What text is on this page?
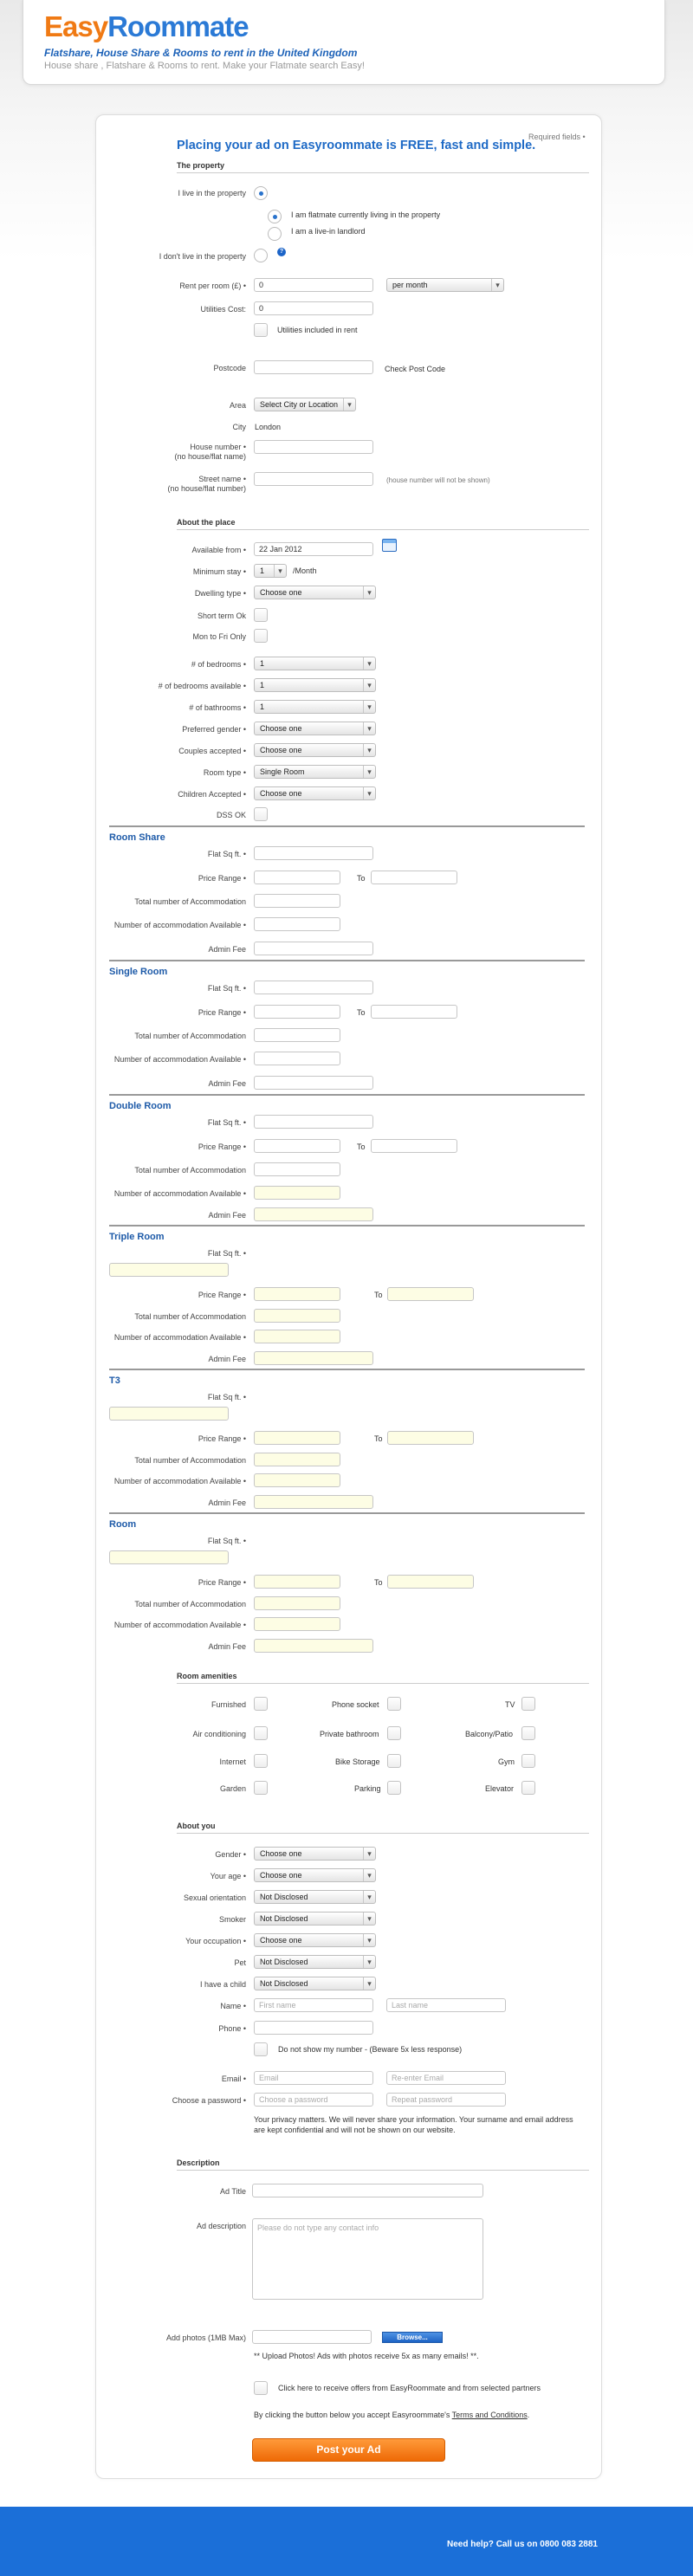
EasyRoommate
Flatshare, House Share & Rooms to rent in the United Kingdom
House share , Flatshare & Rooms to rent. Make your Flatmate search Easy!
Required fields •
Placing your ad on Easyroommate is FREE, fast and simple.
The property
I live in the property
I am flatmate currently living in the property
I am a live-in landlord
I don't live in the property
?
Rent per room (£) •	0	per month ▾
Utilities Cost:	0
Utilities included in rent
Postcode	Check Post Code
Area	Select City or Location ▾
City London
House number •
(no house/flat name)
Street name •
(no house/flat number)
(house number will not be shown)
About the place
Available from •	22 Jan 2012
Minimum stay •	1 ▾	/Month
Dwelling type •	Choose one ▾
Short term Ok
Mon to Fri Only
# of bedrooms •	1 ▾
# of bedrooms available •	1 ▾
# of bathrooms •	1 ▾
Preferred gender •	Choose one ▾
Couples accepted •	Choose one ▾
Room type •	Single Room ▾
Children Accepted •	Choose one ▾
DSS OK
Room Share
Flat Sq ft. •
Price Range •	To
Total number of Accommodation
Number of accommodation Available •
Admin Fee
Single Room
Flat Sq ft. •
Price Range •	To
Total number of Accommodation
Number of accommodation Available •
Admin Fee
Double Room
Flat Sq ft. •
Price Range •	To
Total number of Accommodation
Number of accommodation Available •
Admin Fee
Triple Room
Flat Sq ft. •
Price Range •	To
Total number of Accommodation
Number of accommodation Available •
Admin Fee
T3
Flat Sq ft. •
Price Range •	To
Total number of Accommodation
Number of accommodation Available •
Admin Fee
Room
Flat Sq ft. •
Price Range •	To
Total number of Accommodation
Number of accommodation Available •
Admin Fee
Room amenities
Furnished	Phone socket	TV
Air conditioning	Private bathroom	Balcony/Patio
Internet	Bike Storage	Gym
Garden	Parking	Elevator
About you
Gender •	Choose one ▾
Your age •	Choose one ▾
Sexual orientation	Not Disclosed ▾
Smoker	Not Disclosed ▾
Your occupation •	Choose one ▾
Pet	Not Disclosed ▾
I have a child	Not Disclosed ▾
Name •	First name	Last name
Phone •
Do not show my number - (Beware 5x less response)
Email •	Email	Re-enter Email
Choose a password •	Choose a password	Repeat password
Your privacy matters. We will never share your information. Your surname and email address
are kept confidential and will not be shown on our website.
Description
Ad Title
Ad description	Please do not type any contact info
Add photos (1MB Max)	Browse...
** Upload Photos! Ads with photos receive 5x as many emails! **.
Click here to receive offers from EasyRoommate and from selected partners
By clicking the button below you accept Easyroommate's Terms and Conditions.
Post your Ad
Need help? Call us on 0800 083 2881
